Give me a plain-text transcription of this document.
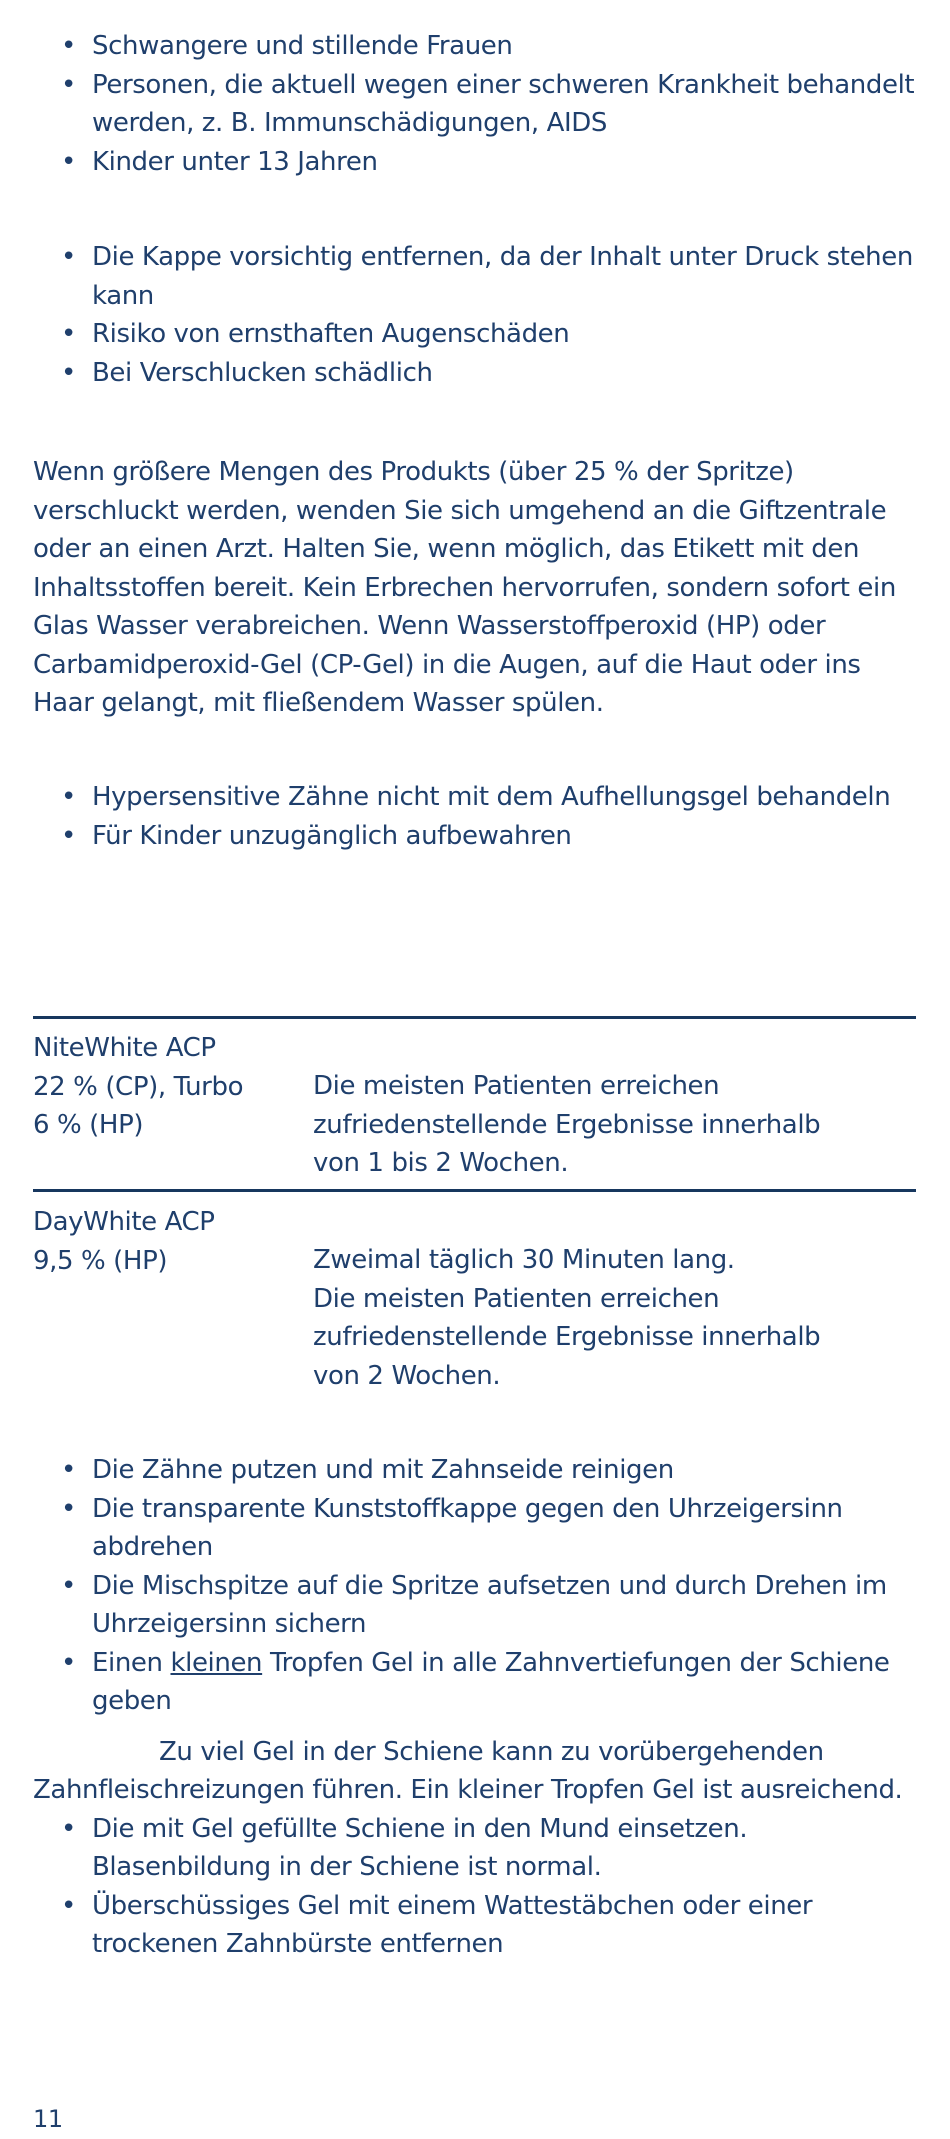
• Schwangere und stillende Frauen
• Personen, die aktuell wegen einer schweren Krankheit behandelt werden, z. B. Immunschädigungen, AIDS
• Kinder unter 13 Jahren
• Die Kappe vorsichtig entfernen, da der Inhalt unter Druck stehen kann
• Risiko von ernsthaften Augenschäden
• Bei Verschlucken schädlich

Wenn größere Mengen des Produkts (über 25 % der Spritze) verschluckt werden, wenden Sie sich umgehend an die Giftzentrale oder an einen Arzt. Halten Sie, wenn möglich, das Etikett mit den Inhaltsstoffen bereit. Kein Erbrechen hervorrufen, sondern sofort ein Glas Wasser verabreichen. Wenn Wasserstoffperoxid (HP) oder Carbamidperoxid-Gel (CP-Gel) in die Augen, auf die Haut oder ins Haar gelangt, mit fließendem Wasser spülen.

• Hypersensitive Zähne nicht mit dem Aufhellungsgel behandeln
• Für Kinder unzugänglich aufbewahren
NiteWhite ACP
22 % (CP), Turbo
6 % (HP)
Die meisten Patienten erreichen
zufriedenstellende Ergebnisse innerhalb
von 1 bis 2 Wochen.
DayWhite ACP
9,5 % (HP)	Zweimal täglich 30 Minuten lang.
Die meisten Patienten erreichen
zufriedenstellende Ergebnisse innerhalb
von 2 Wochen.
• Die Zähne putzen und mit Zahnseide reinigen
• Die transparente Kunststoffkappe gegen den Uhrzeigersinn abdrehen
• Die Mischspitze auf die Spritze aufsetzen und durch Drehen im Uhrzeigersinn sichern
• Einen kleinen Tropfen Gel in alle Zahnvertiefungen der Schiene geben

Zu viel Gel in der Schiene kann zu vorübergehenden Zahnfleischreizungen führen. Ein kleiner Tropfen Gel ist ausreichend.

• Die mit Gel gefüllte Schiene in den Mund einsetzen. Blasenbildung in der Schiene ist normal.
• Überschüssiges Gel mit einem Wattestäbchen oder einer trockenen Zahnbürste entfernen
11
